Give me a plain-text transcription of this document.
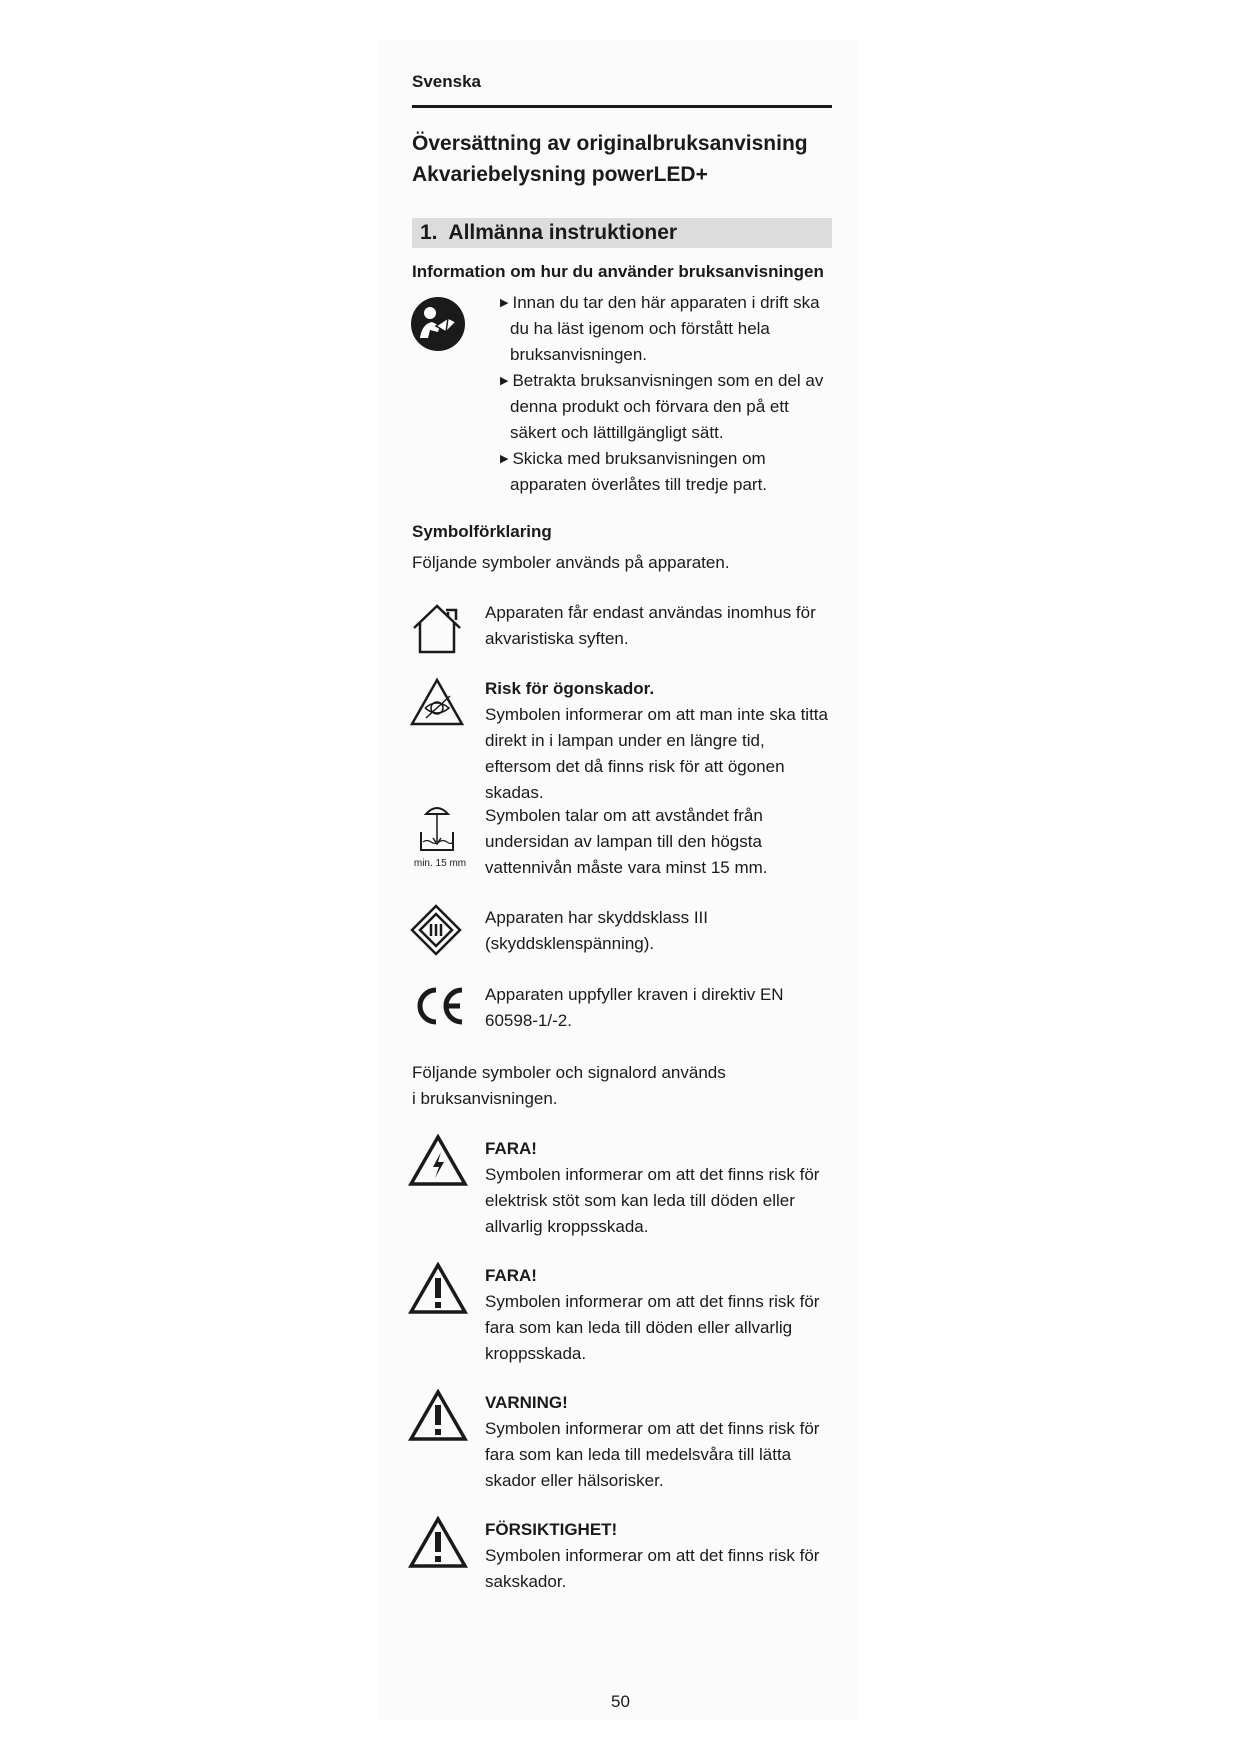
Svenska
Översättning av originalbruksanvisning
Akvariebelysning powerLED+
1. Allmänna instruktioner
Information om hur du använder bruksanvisningen
▶ Innan du tar den här apparaten i drift ska du ha läst igenom och förstått hela bruksanvisningen.
▶ Betrakta bruksanvisningen som en del av denna produkt och förvara den på ett säkert och lättillgängligt sätt.
▶ Skicka med bruksanvisningen om apparaten överlåtes till tredje part.
Symbolförklaring
Följande symboler används på apparaten.
Apparaten får endast användas inomhus för akvaristiska syften.
Risk för ögonskador.
Symbolen informerar om att man inte ska titta direkt in i lampan under en längre tid, eftersom det då finns risk för att ögonen skadas.
min. 15 mm
Symbolen talar om att avståndet från undersidan av lampan till den högsta vattennivån måste vara minst 15 mm.
Apparaten har skyddsklass III (skyddsklenspänning).
Apparaten uppfyller kraven i direktiv EN 60598-1/-2.
Följande symboler och signalord används i bruksanvisningen.
FARA!
Symbolen informerar om att det finns risk för elektrisk stöt som kan leda till döden eller allvarlig kroppsskada.
FARA!
Symbolen informerar om att det finns risk för fara som kan leda till döden eller allvarlig kroppsskada.
VARNING!
Symbolen informerar om att det finns risk för fara som kan leda till medelsvåra till lätta skador eller hälsorisker.
FÖRSIKTIGHET!
Symbolen informerar om att det finns risk för sakskador.
50
